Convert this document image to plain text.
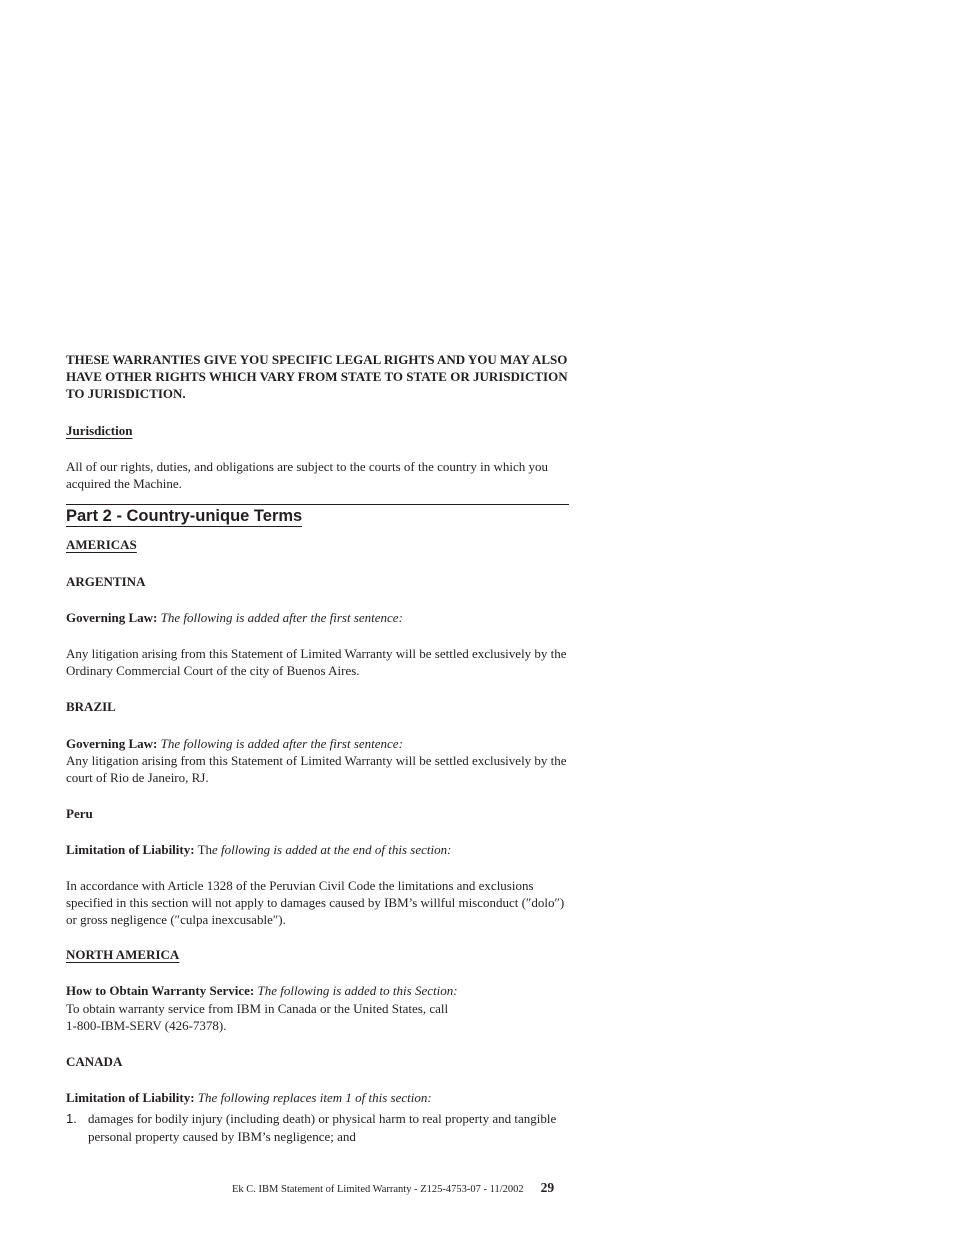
THESE WARRANTIES GIVE YOU SPECIFIC LEGAL RIGHTS AND YOU MAY ALSO HAVE OTHER RIGHTS WHICH VARY FROM STATE TO STATE OR JURISDICTION TO JURISDICTION.

Jurisdiction

All of our rights, duties, and obligations are subject to the courts of the country in which you acquired the Machine.

Part 2 - Country-unique Terms

AMERICAS

ARGENTINA

Governing Law: The following is added after the first sentence:

Any litigation arising from this Statement of Limited Warranty will be settled exclusively by the Ordinary Commercial Court of the city of Buenos Aires.

BRAZIL

Governing Law: The following is added after the first sentence:

Any litigation arising from this Statement of Limited Warranty will be settled exclusively by the court of Rio de Janeiro, RJ.

Peru

Limitation of Liability: The following is added at the end of this section:

In accordance with Article 1328 of the Peruvian Civil Code the limitations and exclusions specified in this section will not apply to damages caused by IBM’s willful misconduct (″dolo″) or gross negligence (″culpa inexcusable″).

NORTH AMERICA

How to Obtain Warranty Service: The following is added to this Section:

To obtain warranty service from IBM in Canada or the United States, call

1-800-IBM-SERV (426-7378).

CANADA

Limitation of Liability: The following replaces item 1 of this section:

1. damages for bodily injury (including death) or physical harm to real property and tangible personal property caused by IBM’s negligence; and
Ek C. IBM Statement of Limited Warranty - Z125-4753-07 - 11/2002 29
